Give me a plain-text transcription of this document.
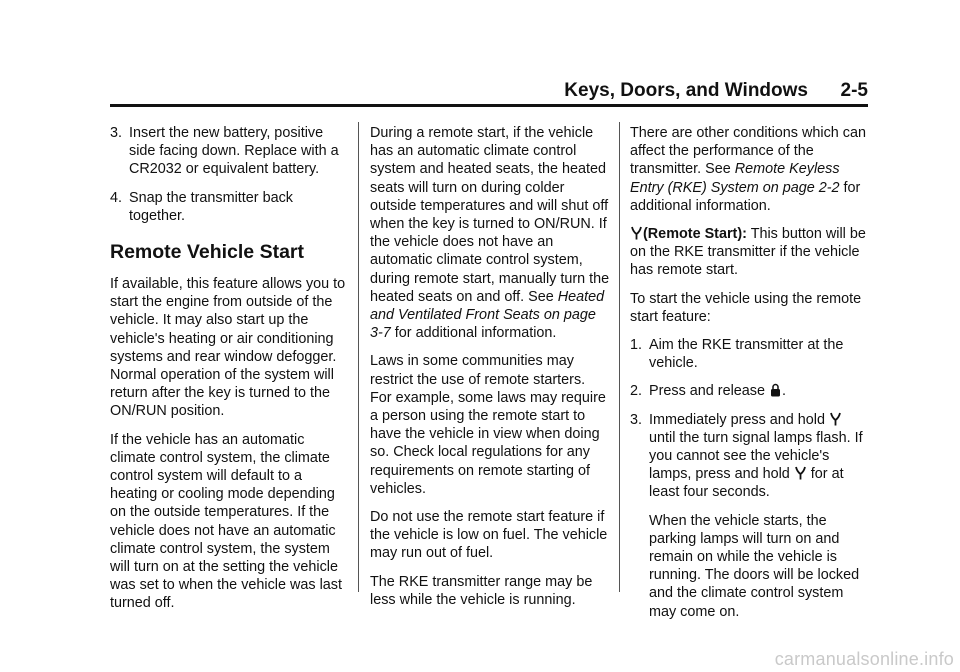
Keys, Doors, and Windows 2-5
3. Insert the new battery, positive side facing down. Replace with a CR2032 or equivalent battery.
4. Snap the transmitter back together.
Remote Vehicle Start

If available, this feature allows you to start the engine from outside of the vehicle. It may also start up the vehicle's heating or air conditioning systems and rear window defogger. Normal operation of the system will return after the key is turned to the ON/RUN position.

If the vehicle has an automatic climate control system, the climate control system will default to a heating or cooling mode depending on the outside temperatures. If the vehicle does not have an automatic climate control system, the system will turn on at the setting the vehicle was set to when the vehicle was last turned off.

During a remote start, if the vehicle has an automatic climate control system and heated seats, the heated seats will turn on during colder outside temperatures and will shut off when the key is turned to ON/RUN. If the vehicle does not have an automatic climate control system, during remote start, manually turn the heated seats on and off. See Heated and Ventilated Front Seats on page 3-7 for additional information.

Laws in some communities may restrict the use of remote starters. For example, some laws may require a person using the remote start to have the vehicle in view when doing so. Check local regulations for any requirements on remote starting of vehicles.

Do not use the remote start feature if the vehicle is low on fuel. The vehicle may run out of fuel.

The RKE transmitter range may be less while the vehicle is running.

There are other conditions which can affect the performance of the transmitter. See Remote Keyless Entry (RKE) System on page 2-2 for additional information.

(Remote Start): This button will be on the RKE transmitter if the vehicle has remote start.

To start the vehicle using the remote start feature:

1. Aim the RKE transmitter at the vehicle.
2. Press and release .
3. Immediately press and hold  until the turn signal lamps flash. If you cannot see the vehicle's lamps, press and hold  for at least four seconds.

When the vehicle starts, the parking lamps will turn on and remain on while the vehicle is running. The doors will be locked and the climate control system may come on.

carmanualsonline.info
